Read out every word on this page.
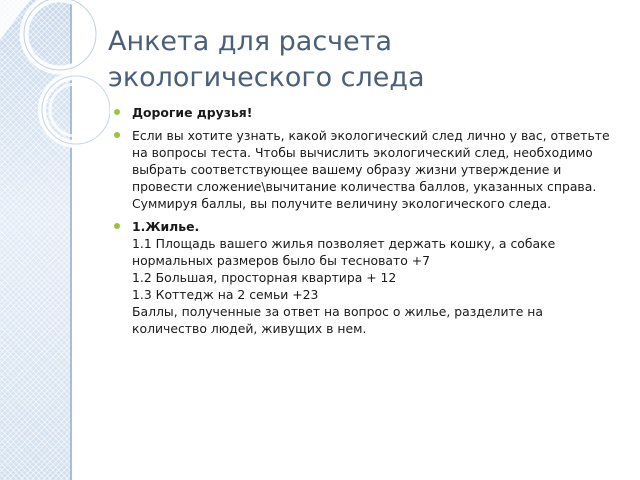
Анкета для расчета
экологического следа
Дорогие друзья!
Если вы хотите узнать, какой экологический след лично у вас, ответьте на вопросы теста. Чтобы вычислить экологический след, необходимо выбрать соответствующее вашему образу жизни утверждение и провести сложение\вычитание количества баллов, указанных справа. Суммируя баллы, вы получите величину экологического следа.
1.Жилье.
1.1 Площадь вашего жилья позволяет держать кошку, а собаке нормальных размеров было бы тесновато +7
1.2 Большая, просторная квартира + 12
1.3 Коттедж на 2 семьи +23
Баллы, полученные за ответ на вопрос о жилье, разделите на количество людей, живущих в нем.
